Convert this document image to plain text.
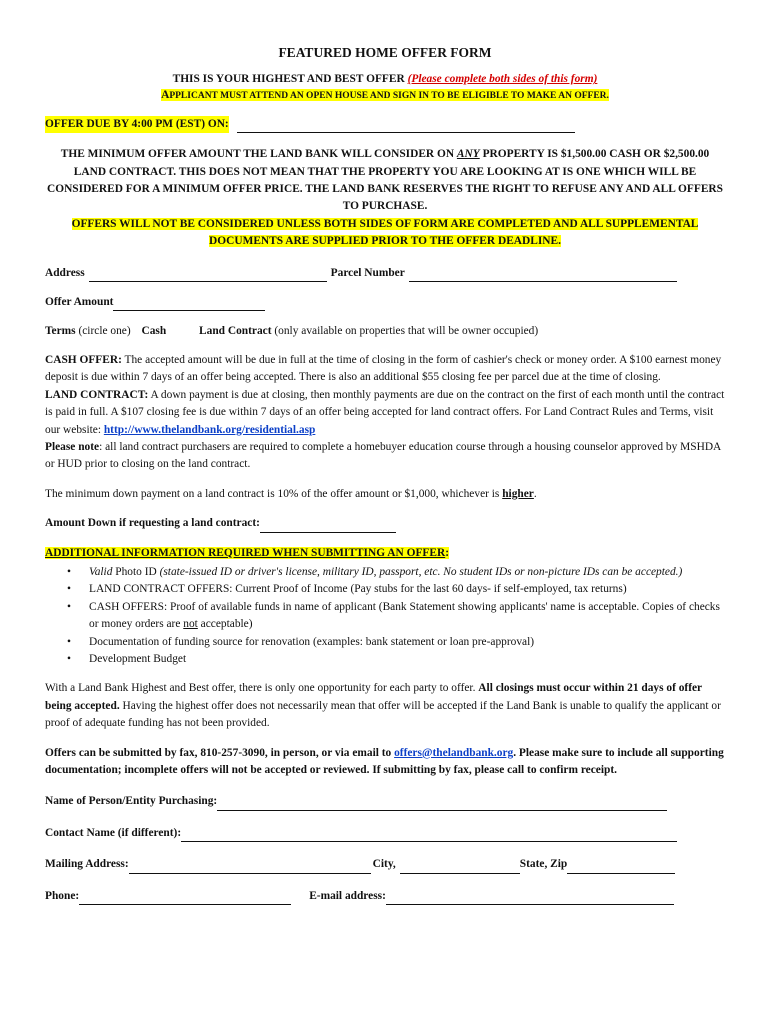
FEATURED HOME OFFER FORM
THIS IS YOUR HIGHEST AND BEST OFFER (Please complete both sides of this form)
APPLICANT MUST ATTEND AN OPEN HOUSE AND SIGN IN TO BE ELIGIBLE TO MAKE AN OFFER.
OFFER DUE BY 4:00 PM (EST) ON:

THE MINIMUM OFFER AMOUNT THE LAND BANK WILL CONSIDER ON ANY PROPERTY IS $1,500.00 CASH OR $2,500.00 LAND CONTRACT. THIS DOES NOT MEAN THAT THE PROPERTY YOU ARE LOOKING AT IS ONE WHICH WILL BE CONSIDERED FOR A MINIMUM OFFER PRICE. THE LAND BANK RESERVES THE RIGHT TO REFUSE ANY AND ALL OFFERS TO PURCHASE.

OFFERS WILL NOT BE CONSIDERED UNLESS BOTH SIDES OF FORM ARE COMPLETED AND ALL SUPPLEMENTAL
DOCUMENTS ARE SUPPLIED PRIOR TO THE OFFER DEADLINE.

Address	Parcel Number
Offer Amount
Terms (circle one) Cash	Land Contract (only available on properties that will be owner occupied)

CASH OFFER: The accepted amount will be due in full at the time of closing in the form of cashier's check or money order. A $100 earnest money deposit is due within 7 days of an offer being accepted. There is also an additional $55 closing fee per parcel due at the time of closing.

LAND CONTRACT: A down payment is due at closing, then monthly payments are due on the contract on the first of each month until the contract is paid in full. A $107 closing fee is due within 7 days of an offer being accepted for land contract offers. For Land Contract Rules and Terms, visit our website: http://www.thelandbank.org/residential.asp

Please note: all land contract purchasers are required to complete a homebuyer education course through a housing counselor approved by MSHDA or HUD prior to closing on the land contract.

The minimum down payment on a land contract is 10% of the offer amount or $1,000, whichever is higher.

Amount Down if requesting a land contract:
ADDITIONAL INFORMATION REQUIRED WHEN SUBMITTING AN OFFER:
• Valid Photo ID (state-issued ID or driver's license, military ID, passport, etc. No student IDs or non-picture IDs can be accepted.)
• LAND CONTRACT OFFERS: Current Proof of Income (Pay stubs for the last 60 days- if self-employed, tax returns)
• CASH OFFERS: Proof of available funds in name of applicant (Bank Statement showing applicants' name is acceptable. Copies of checks or money orders are not acceptable)
• Documentation of funding source for renovation (examples: bank statement or loan pre-approval)
• Development Budget

With a Land Bank Highest and Best offer, there is only one opportunity for each party to offer. All closings must occur within 21 days of offer being accepted. Having the highest offer does not necessarily mean that offer will be accepted if the Land Bank is unable to qualify the applicant or proof of adequate funding has not been provided.

Offers can be submitted by fax, 810-257-3090, in person, or via email to offers@thelandbank.org. Please make sure to include all supporting documentation; incomplete offers will not be accepted or reviewed. If submitting by fax, please call to confirm receipt.

Name of Person/Entity Purchasing:
Contact Name (if different):
Mailing Address:	City,	State, Zip
Phone:	E-mail address:
